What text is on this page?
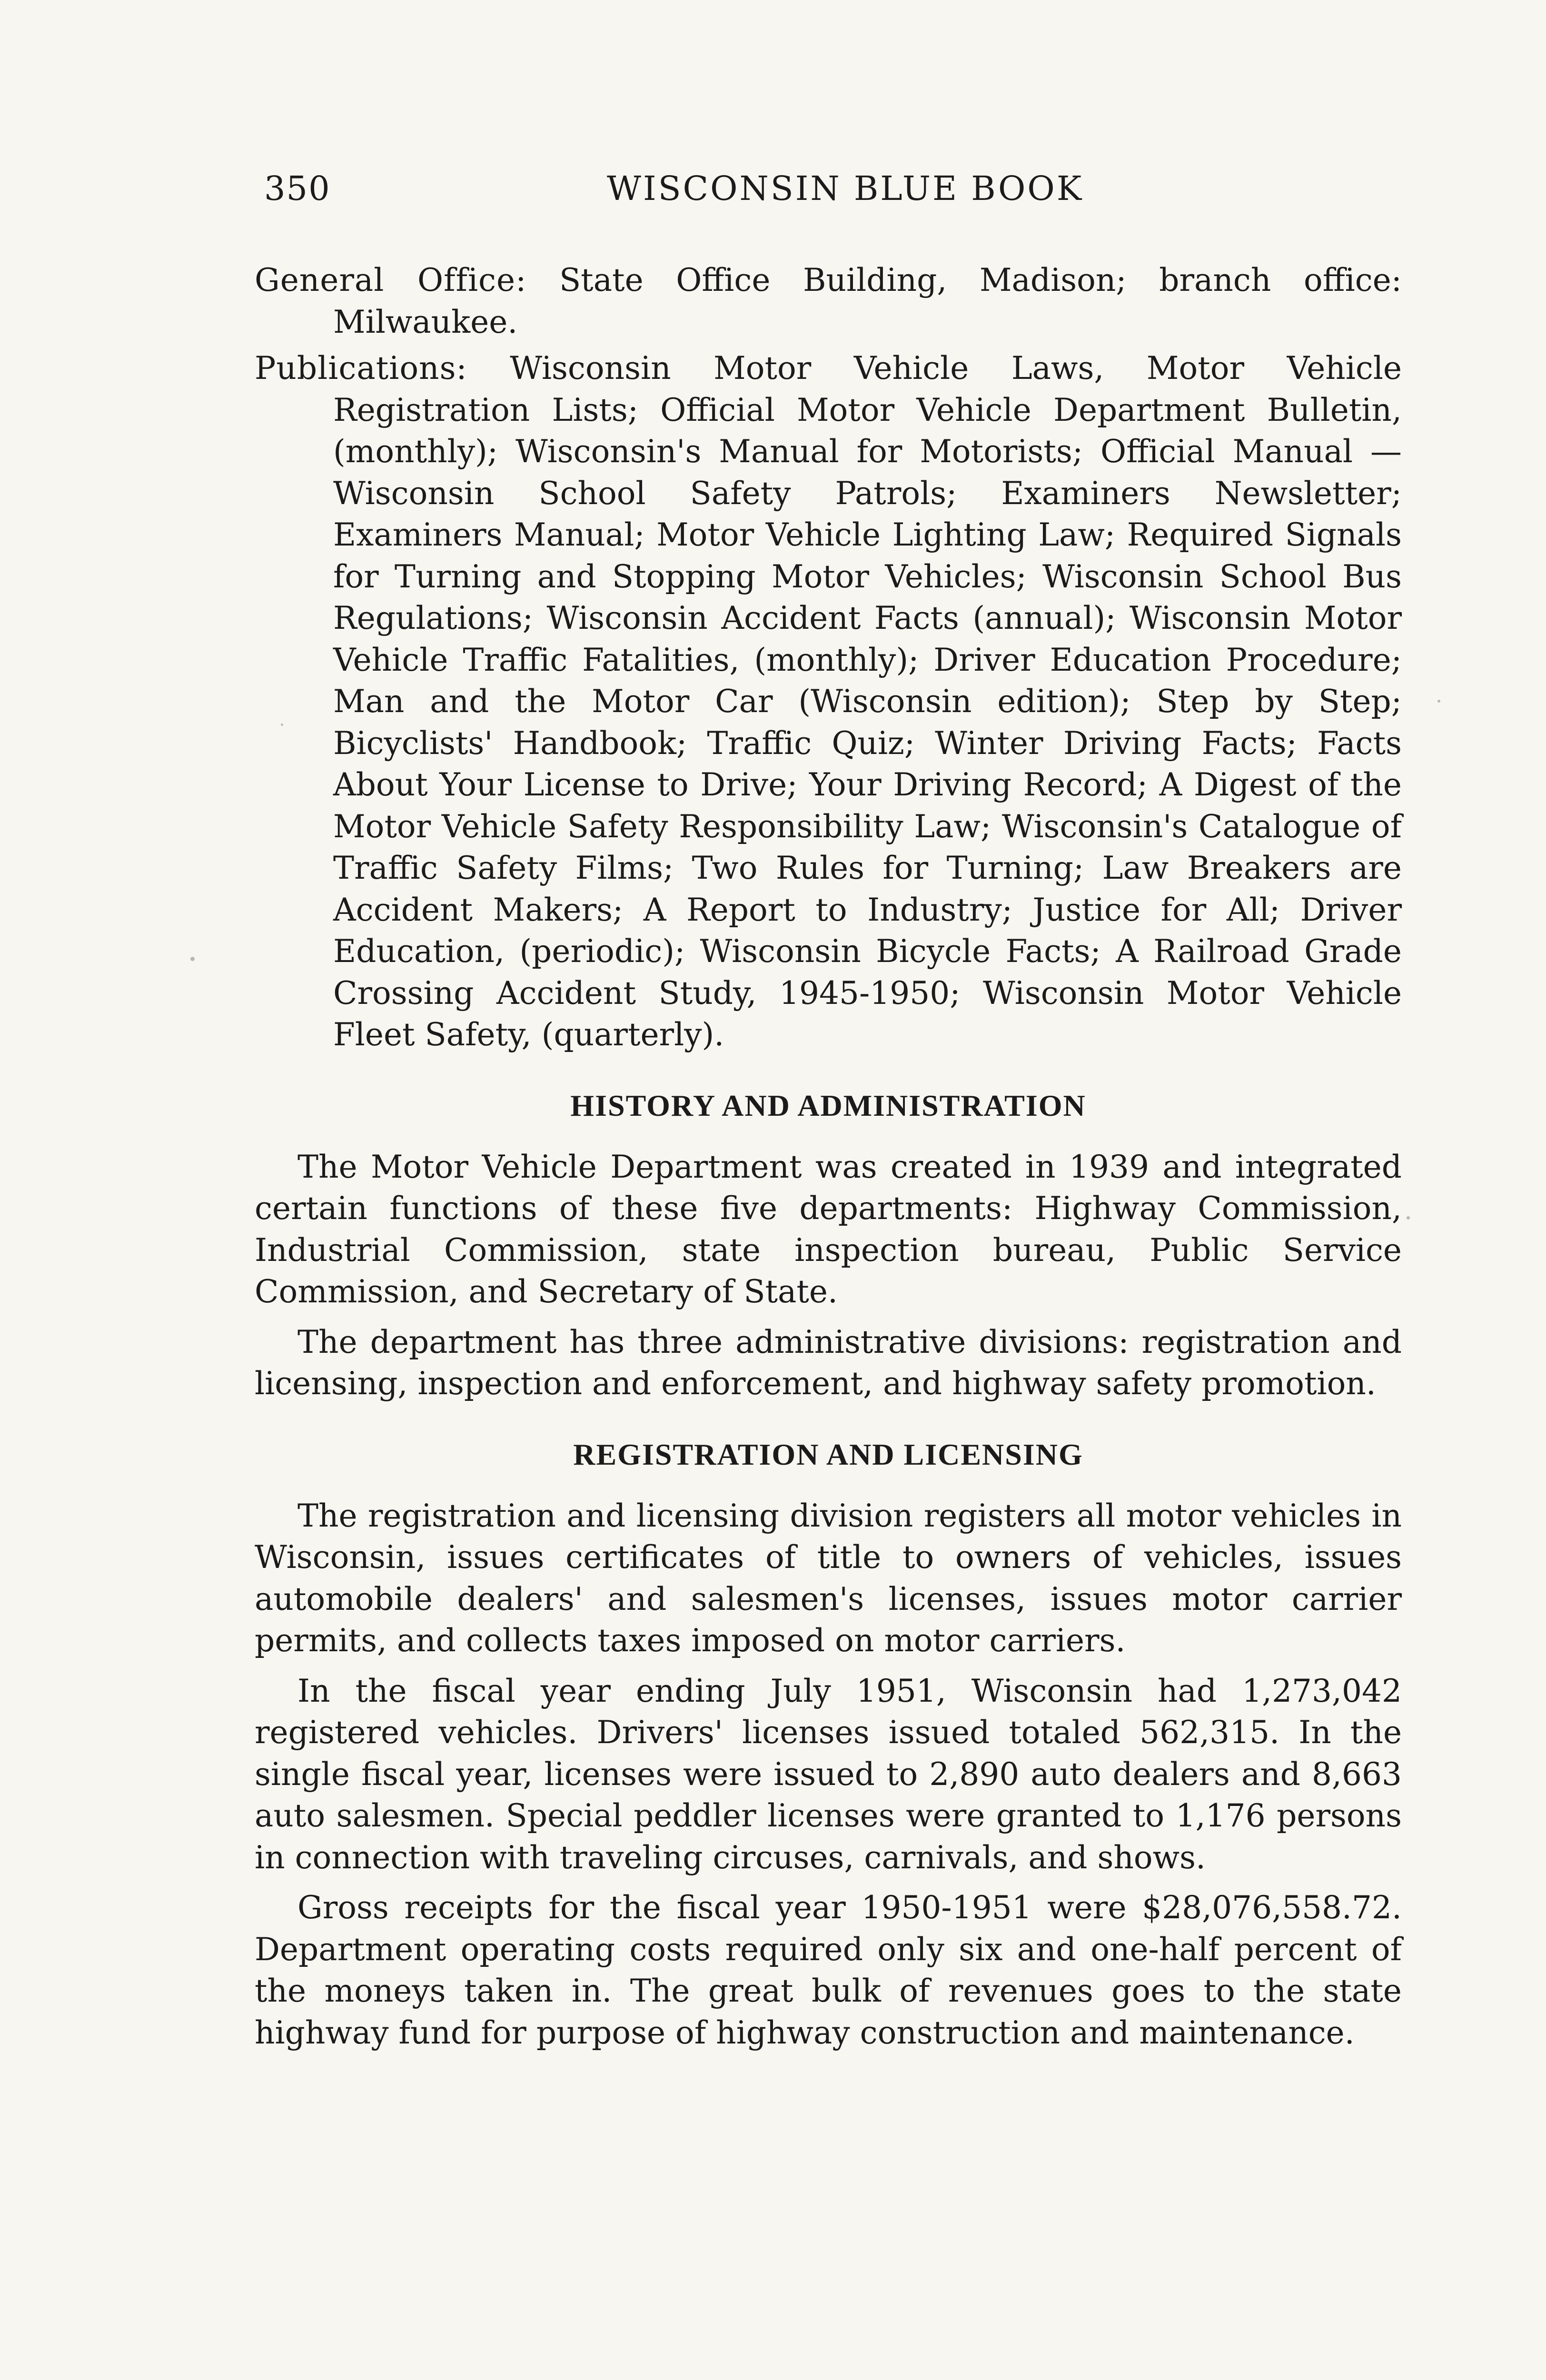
350	WISCONSIN BLUE BOOK

General Office: State Office Building, Madison; branch office: Milwaukee.

Publications: Wisconsin Motor Vehicle Laws, Motor Vehicle Registration Lists; Official Motor Vehicle Department Bulletin, (monthly); Wisconsin's Manual for Motorists; Official Manual — Wisconsin School Safety Patrols; Examiners Newsletter; Examiners Manual; Motor Vehicle Lighting Law; Required Signals for Turning and Stopping Motor Vehicles; Wisconsin School Bus Regulations; Wisconsin Accident Facts (annual); Wisconsin Motor Vehicle Traffic Fatalities, (monthly); Driver Education Procedure; Man and the Motor Car (Wisconsin edition); Step by Step; Bicyclists' Handbook; Traffic Quiz; Winter Driving Facts; Facts About Your License to Drive; Your Driving Record; A Digest of the Motor Vehicle Safety Responsibility Law; Wisconsin's Catalogue of Traffic Safety Films; Two Rules for Turning; Law Breakers are Accident Makers; A Report to Industry; Justice for All; Driver Education, (periodic); Wisconsin Bicycle Facts; A Railroad Grade Crossing Accident Study, 1945-1950; Wisconsin Motor Vehicle Fleet Safety, (quarterly).

HISTORY AND ADMINISTRATION

The Motor Vehicle Department was created in 1939 and integrated certain functions of these five departments: Highway Commission, Industrial Commission, state inspection bureau, Public Service Commission, and Secretary of State.

The department has three administrative divisions: registration and licensing, inspection and enforcement, and highway safety promotion.

REGISTRATION AND LICENSING

The registration and licensing division registers all motor vehicles in Wisconsin, issues certificates of title to owners of vehicles, issues automobile dealers' and salesmen's licenses, issues motor carrier permits, and collects taxes imposed on motor carriers.

In the fiscal year ending July 1951, Wisconsin had 1,273,042 registered vehicles. Drivers' licenses issued totaled 562,315. In the single fiscal year, licenses were issued to 2,890 auto dealers and 8,663 auto salesmen. Special peddler licenses were granted to 1,176 persons in connection with traveling circuses, carnivals, and shows.

Gross receipts for the fiscal year 1950-1951 were $28,076,558.72. Department operating costs required only six and one-half percent of the moneys taken in. The great bulk of revenues goes to the state highway fund for purpose of highway construction and maintenance.
